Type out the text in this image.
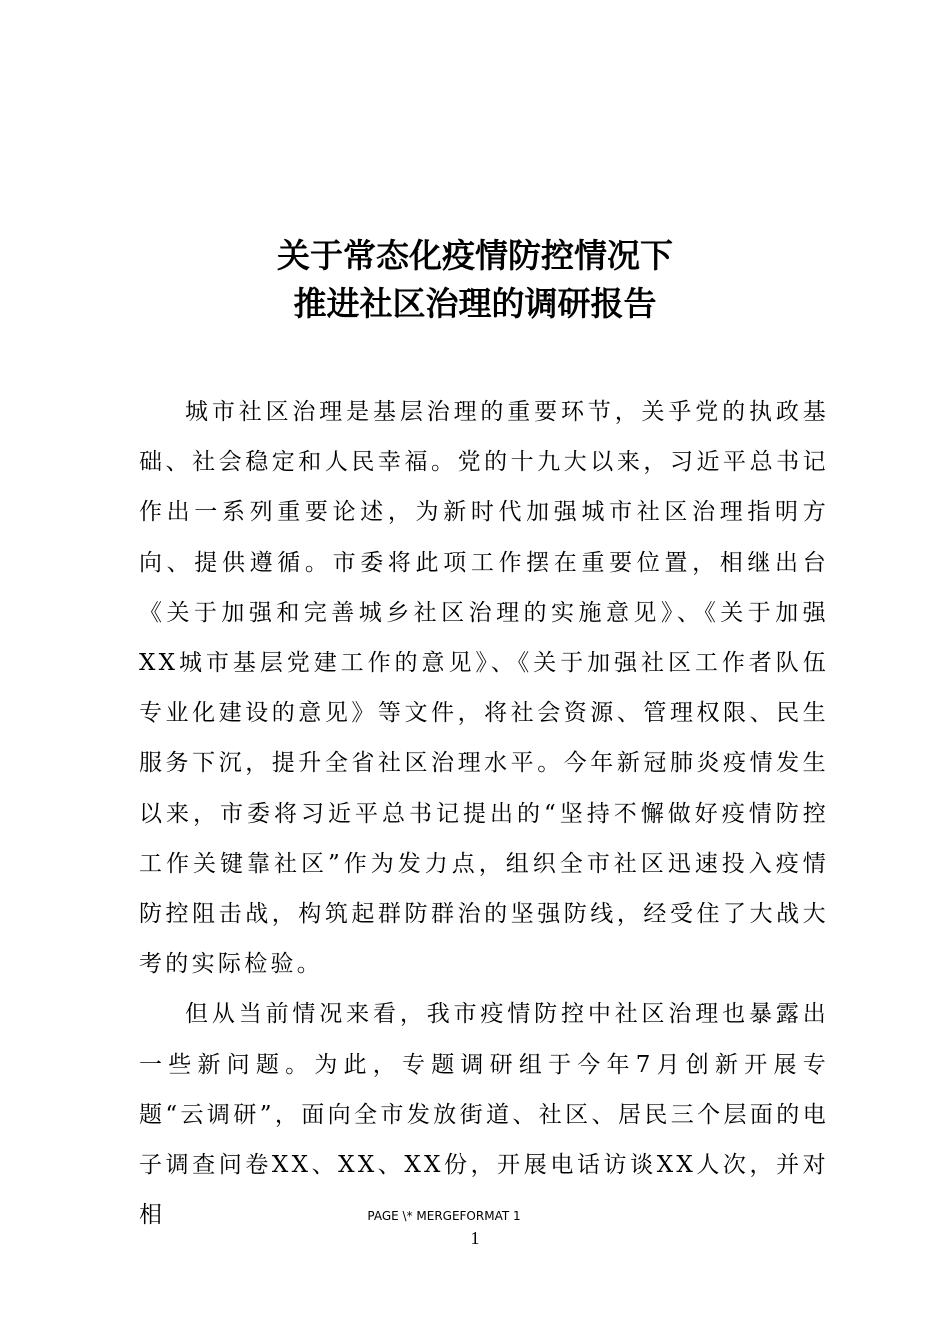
关于常态化疫情防控情况下
推进社区治理的调研报告

城市社区治理是基层治理的重要环节，关乎党的执政基础、社会稳定和人民幸福。党的十九大以来，习近平总书记作出一系列重要论述，为新时代加强城市社区治理指明方向、提供遵循。市委将此项工作摆在重要位置，相继出台《关于加强和完善城乡社区治理的实施意见》、《关于加强XX城市基层党建工作的意见》、《关于加强社区工作者队伍专业化建设的意见》等文件，将社会资源、管理权限、民生服务下沉，提升全省社区治理水平。今年新冠肺炎疫情发生以来，市委将习近平总书记提出的“坚持不懈做好疫情防控工作关键靠社区”作为发力点，组织全市社区迅速投入疫情防控阻击战，构筑起群防群治的坚强防线，经受住了大战大考的实际检验。

但从当前情况来看，我市疫情防控中社区治理也暴露出一些新问题。为此，专题调研组于今年7月创新开展专题“云调研”，面向全市发放街道、社区、居民三个层面的电子调查问卷XX、XX、XX份，开展电话访谈XX人次，并对相	PAGE \* MERGEFORMAT 1
1
